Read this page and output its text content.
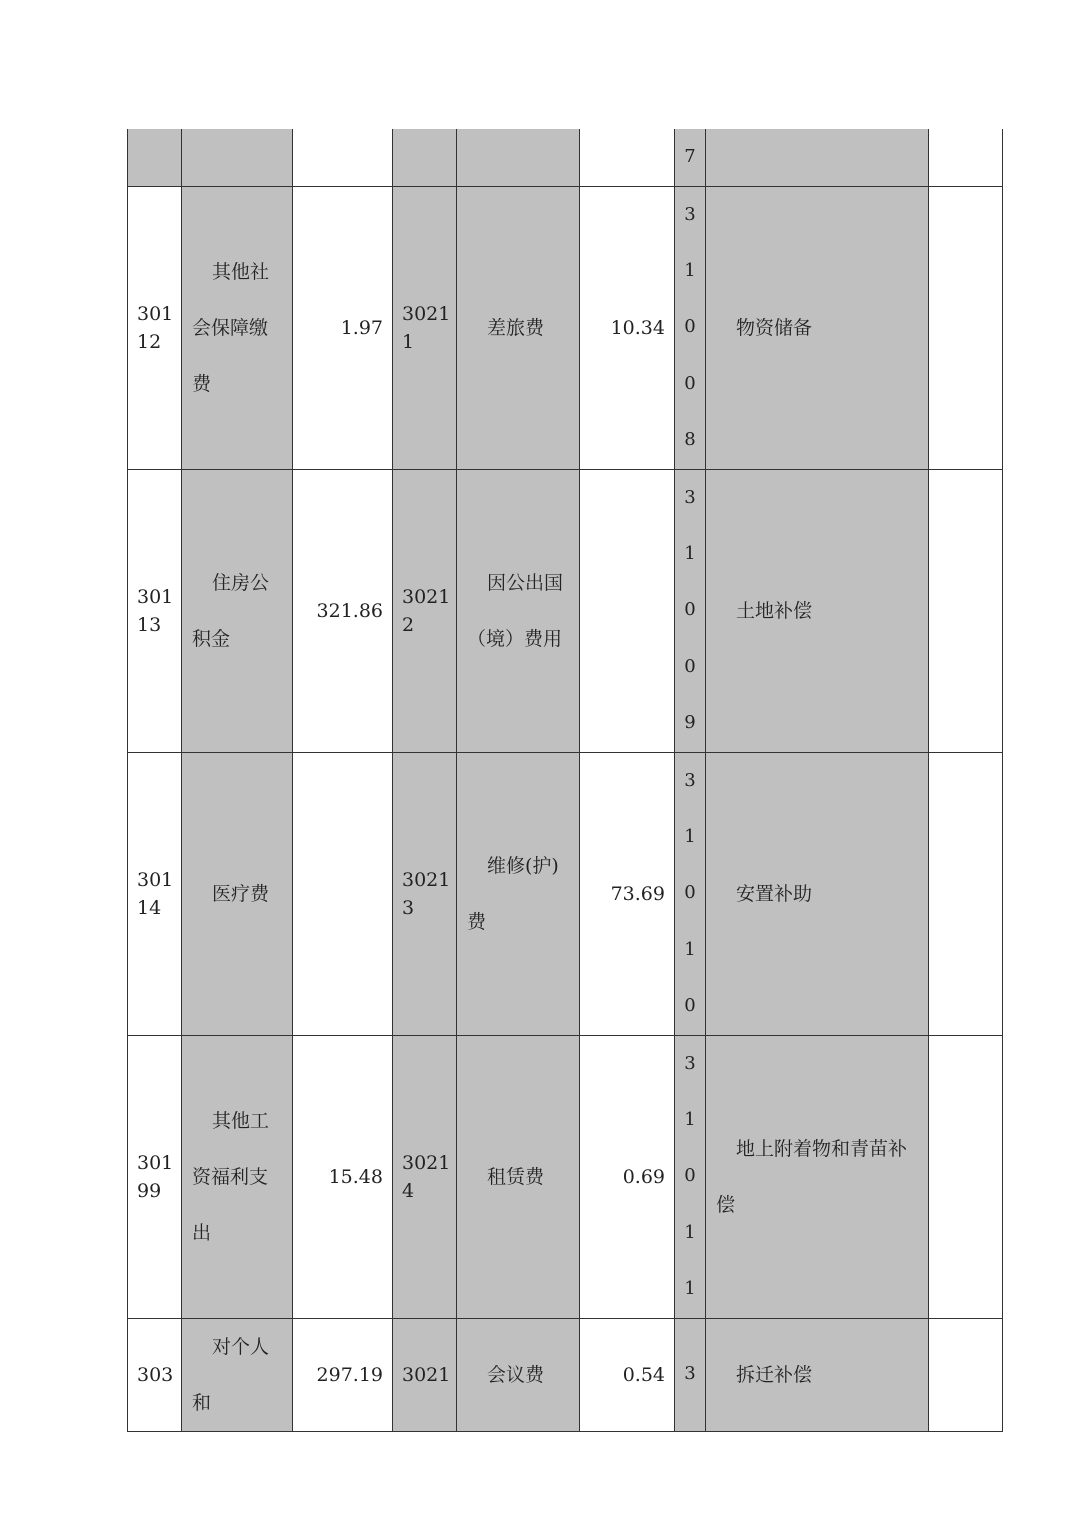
						7		

30112	其他社
会保障缴
费	1.97	30211	差旅费	10.34	3
1
0
0
8	物资储备	

30113	住房公
积金	321.86	30212	因公出国
（境）费用		3
1
0
0
9	土地补偿	

30114	医疗费		30213	维修(护)
费	73.69	3
1
0
1
0	安置补助	

30199	其他工
资福利支
出	15.48	30214	租赁费	0.69	3
1
0
1
1	地上附着物和青苗补
偿	

303	对个人和	297.19	3021	会议费	0.54	3	拆迁补偿	
